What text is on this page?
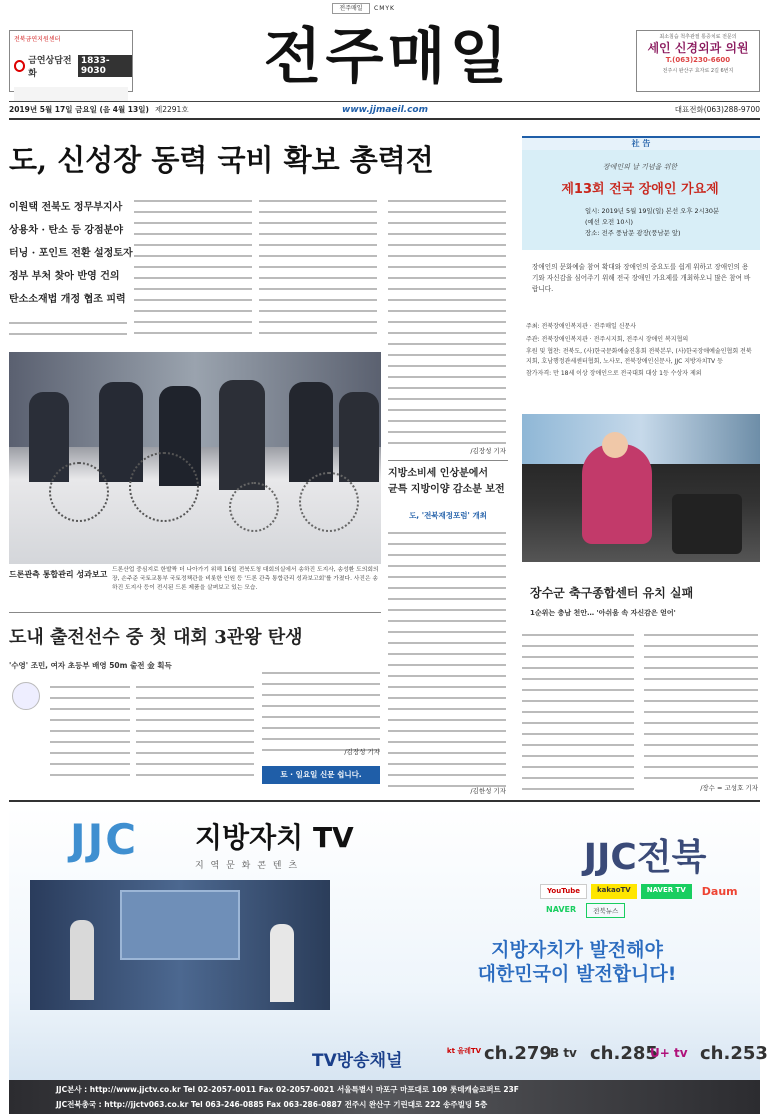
전주매일	CMYK
전북금연지원센터
금연상담전화
1833-9030	전주매일	최소침습 척추관절 통증치료 전문의
세인 신경외과 의원
T.(063)230-6600
전주시 완산구 효자로 2길 6번지
2019년 5월 17일 금요일 (음 4월 13일) 제2291호	www.jjmaeil.com	대표전화(063)288-9700
도, 신성장 동력 국비 확보 총력전
이원택 전북도 정무부지사
상용차 · 탄소 등 강점분야
터닝 · 포인트 전환 설정토자
정부 부처 찾아 반영 건의
탄소소재법 개정 협조 피력
/김장성 기자
드론관측 통합관리 성과보고 드론산업 중심지로 한발짝 더 나아가기 위해 16일 전북도청 대회의실에서 송하진 도지사, 송성환 도의회의장, 손주준 국토교통부 국토정책관을 비롯한 인원 등 '드론 관측 통합관리 성과보고회'를 가졌다. 사진은 송하진 도지사 등이 전시된 드론 제품을 살펴보고 있는 모습.
지방소비세 인상분에서
균특 지방이양 감소분 보전
도, '전북재정포럼' 개최
社 告
장애인의 날 기념을 위한
제13회 전국 장애인 가요제
일시: 2019년 5월 19일(일) 본선 오후 2시30분
(예선 오전 10시)
장소: 전주 풍남문 광장(풍남문 앞)
장애인의 문화예술 참여 확대와 장애인의 중요도를 쉽게 위하고 장애인의 용기와 자신감을 심어주기 위해 전국 장애인 가요제를 개최하오니 많은 참여 바랍니다.
주최: 전북장애인복지관 · 전주매일 신문사
주관: 전북장애인복지관 · 전주시지회, 전주시 장애인 복지협의
후원 및 협찬: 전북도, (사)한국문화예술진흥회 전북본부, (사)한국장애예술인협회 전북지회, 호남행정관세센터협회, 노사모, 전북장애인신문사, JJC 지방자치TV 등
참가자격: 만 18세 이상 장애인으로 전국대회 대상 1등 수상자 제외
장수군 축구종합센터 유치 실패
1순위는 충남 천안… '아쉬움 속 자신감은 얻어'
/장수 = 고성호 기자
도내 출전선수 중 첫 대회 3관왕 탄생
'수영' 조민, 여자 초등부 배영 50m 출전 金 획득
/김장성 기자
토 · 일요일 신문 쉽니다.
/김한성 기자
JJC 지방자치 TV
지 역 문 화 콘 텐 츠	JJC전북
YouTube	kakaoTV	NAVER TV	Daum
NAVER	전북뉴스
지방자치가 발전해야
대한민국이 발전합니다!
TV방송채널	kt 올레TV ch.279
B tv ch.285
U+ tv ch.253
JJC본사 : http://www.jjctv.co.kr Tel 02-2057-0011 Fax 02-2057-0021 서울특별시 마포구 마포대로 109 롯데캐슬로퍼트 23F
JJC전북총국 : http://jjctv063.co.kr Tel 063-246-0885 Fax 063-286-0887 전주시 완산구 기린대로 222 송주빌딩 5층
